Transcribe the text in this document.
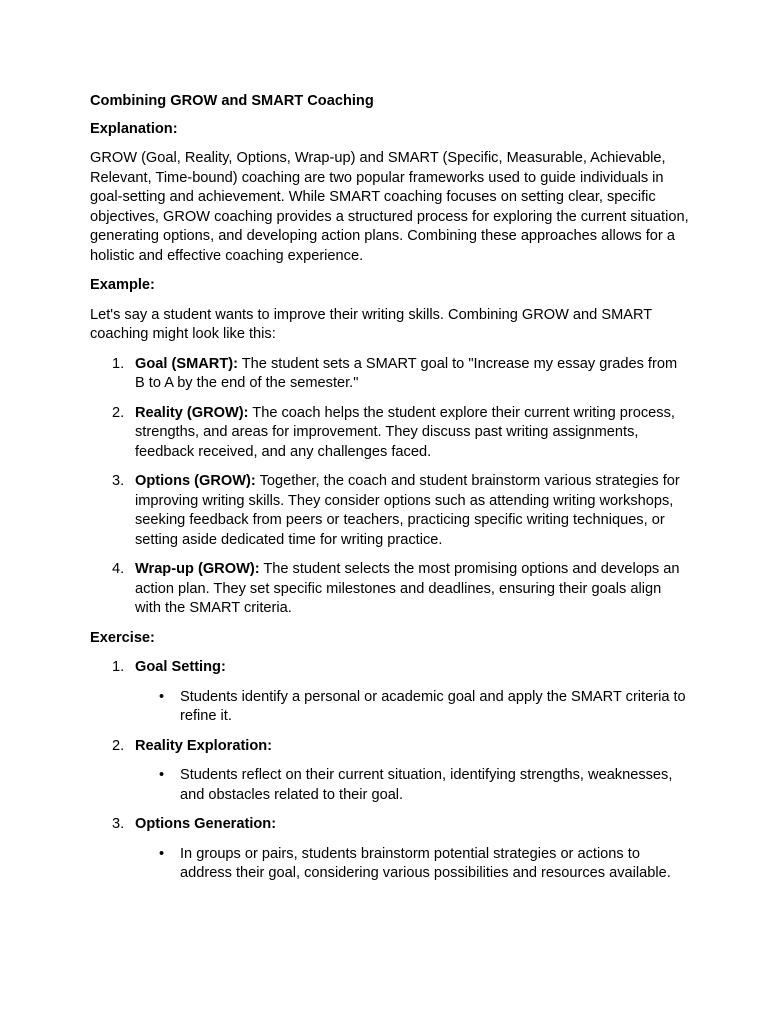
Combining GROW and SMART Coaching
Explanation:
GROW (Goal, Reality, Options, Wrap-up) and SMART (Specific, Measurable, Achievable, Relevant, Time-bound) coaching are two popular frameworks used to guide individuals in goal-setting and achievement. While SMART coaching focuses on setting clear, specific objectives, GROW coaching provides a structured process for exploring the current situation, generating options, and developing action plans. Combining these approaches allows for a holistic and effective coaching experience.
Example:
Let's say a student wants to improve their writing skills. Combining GROW and SMART coaching might look like this:
1. Goal (SMART): The student sets a SMART goal to "Increase my essay grades from B to A by the end of the semester."
2. Reality (GROW): The coach helps the student explore their current writing process, strengths, and areas for improvement. They discuss past writing assignments, feedback received, and any challenges faced.
3. Options (GROW): Together, the coach and student brainstorm various strategies for improving writing skills. They consider options such as attending writing workshops, seeking feedback from peers or teachers, practicing specific writing techniques, or setting aside dedicated time for writing practice.
4. Wrap-up (GROW): The student selects the most promising options and develops an action plan. They set specific milestones and deadlines, ensuring their goals align with the SMART criteria.
Exercise:
1. Goal Setting:
• Students identify a personal or academic goal and apply the SMART criteria to refine it.
2. Reality Exploration:
• Students reflect on their current situation, identifying strengths, weaknesses, and obstacles related to their goal.
3. Options Generation:
• In groups or pairs, students brainstorm potential strategies or actions to address their goal, considering various possibilities and resources available.
